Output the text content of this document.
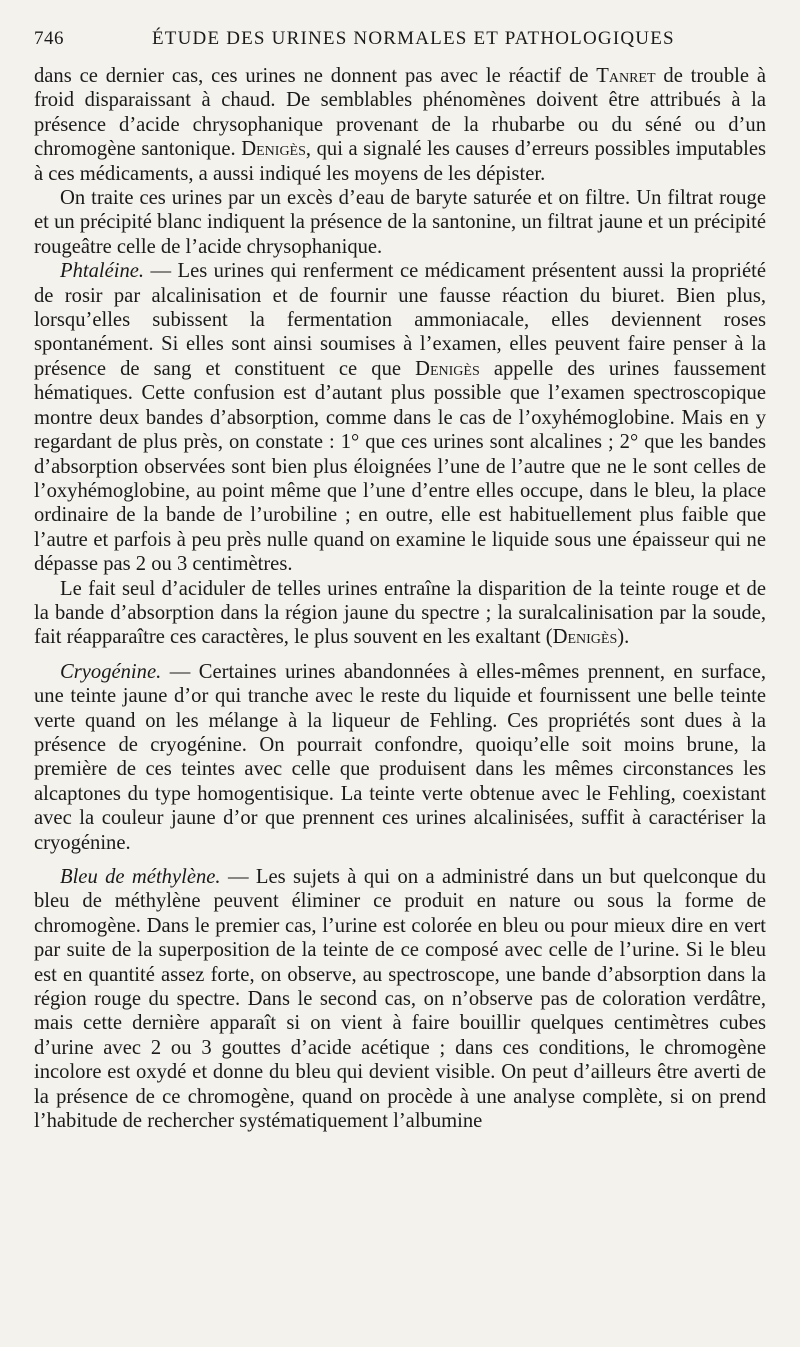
746	ÉTUDE DES URINES NORMALES ET PATHOLOGIQUES

dans ce dernier cas, ces urines ne donnent pas avec le réactif de Tanret de trouble à froid disparaissant à chaud. De semblables phénomènes doivent être attribués à la présence d’acide chrysophanique provenant de la rhubarbe ou du séné ou d’un chromogène santonique. Denigès, qui a signalé les causes d’erreurs possibles imputables à ces médicaments, a aussi indiqué les moyens de les dépister.

On traite ces urines par un excès d’eau de baryte saturée et on filtre. Un filtrat rouge et un précipité blanc indiquent la présence de la santonine, un filtrat jaune et un précipité rougeâtre celle de l’acide chrysophanique.

Phtaléine. — Les urines qui renferment ce médicament présentent aussi la propriété de rosir par alcalinisation et de fournir une fausse réaction du biuret. Bien plus, lorsqu’elles subissent la fermentation ammoniacale, elles deviennent roses spontanément. Si elles sont ainsi soumises à l’examen, elles peuvent faire penser à la présence de sang et constituent ce que Denigès appelle des urines faussement hématiques. Cette confusion est d’autant plus possible que l’examen spectroscopique montre deux bandes d’absorption, comme dans le cas de l’oxyhémoglobine. Mais en y regardant de plus près, on constate : 1° que ces urines sont alcalines ; 2° que les bandes d’absorption observées sont bien plus éloignées l’une de l’autre que ne le sont celles de l’oxyhémoglobine, au point même que l’une d’entre elles occupe, dans le bleu, la place ordinaire de la bande de l’urobiline ; en outre, elle est habituellement plus faible que l’autre et parfois à peu près nulle quand on examine le liquide sous une épaisseur qui ne dépasse pas 2 ou 3 centimètres.

Le fait seul d’aciduler de telles urines entraîne la disparition de la teinte rouge et de la bande d’absorption dans la région jaune du spectre ; la suralcalinisation par la soude, fait réapparaître ces caractères, le plus souvent en les exaltant (Denigès).

Cryogénine. — Certaines urines abandonnées à elles-mêmes prennent, en surface, une teinte jaune d’or qui tranche avec le reste du liquide et fournissent une belle teinte verte quand on les mélange à la liqueur de Fehling. Ces propriétés sont dues à la présence de cryogénine. On pourrait confondre, quoiqu’elle soit moins brune, la première de ces teintes avec celle que produisent dans les mêmes circonstances les alcaptones du type homogentisique. La teinte verte obtenue avec le Fehling, coexistant avec la couleur jaune d’or que prennent ces urines alcalinisées, suffit à caractériser la cryogénine.

Bleu de méthylène. — Les sujets à qui on a administré dans un but quelconque du bleu de méthylène peuvent éliminer ce produit en nature ou sous la forme de chromogène. Dans le premier cas, l’urine est colorée en bleu ou pour mieux dire en vert par suite de la superposition de la teinte de ce composé avec celle de l’urine. Si le bleu est en quantité assez forte, on observe, au spectroscope, une bande d’absorption dans la région rouge du spectre. Dans le second cas, on n’observe pas de coloration verdâtre, mais cette dernière apparaît si on vient à faire bouillir quelques centimètres cubes d’urine avec 2 ou 3 gouttes d’acide acétique ; dans ces conditions, le chromogène incolore est oxydé et donne du bleu qui devient visible. On peut d’ailleurs être averti de la présence de ce chromogène, quand on procède à une analyse complète, si on prend l’habitude de rechercher systématiquement l’albumine
